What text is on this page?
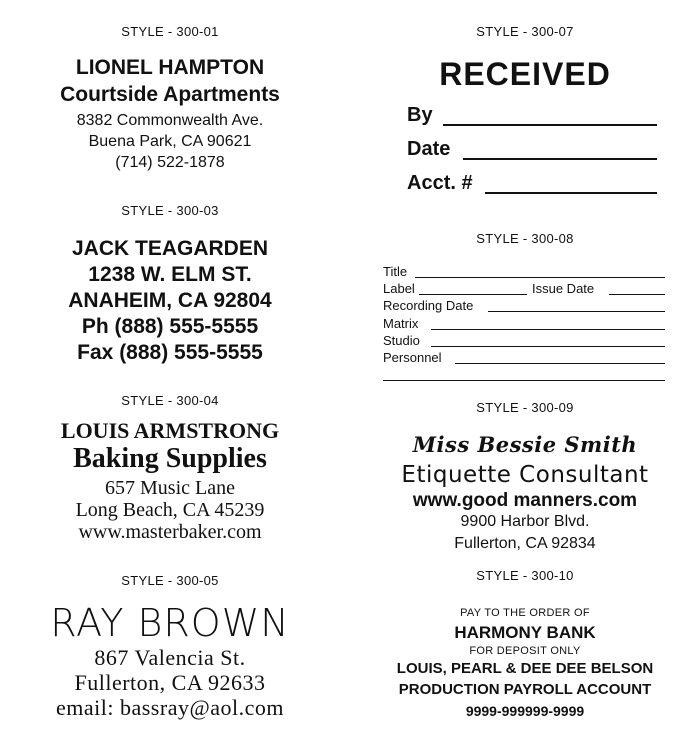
STYLE - 300-01
LIONEL HAMPTON
Courtside Apartments
8382 Commonwealth Ave.
Buena Park, CA 90621
(714) 522-1878
STYLE - 300-03
JACK TEAGARDEN
1238 W. ELM ST.
ANAHEIM, CA 92804
Ph (888) 555-5555
Fax (888) 555-5555
STYLE - 300-04
LOUIS ARMSTRONG
Baking Supplies
657 Music Lane
Long Beach, CA 45239
www.masterbaker.com
STYLE - 300-05
RAY BROWN
867 Valencia St.
Fullerton, CA 92633
email: bassray@aol.com
STYLE - 300-07
RECEIVED
By
Date
Acct. #
STYLE - 300-08
Title
Label	Issue Date
Recording Date
Matrix
Studio
Personnel
STYLE - 300-09
Miss Bessie Smith
Etiquette Consultant
www.good manners.com
9900 Harbor Blvd.
Fullerton, CA 92834
STYLE - 300-10
PAY TO THE ORDER OF
HARMONY BANK
FOR DEPOSIT ONLY
LOUIS, PEARL & DEE DEE BELSON
PRODUCTION PAYROLL ACCOUNT
9999-999999-9999
